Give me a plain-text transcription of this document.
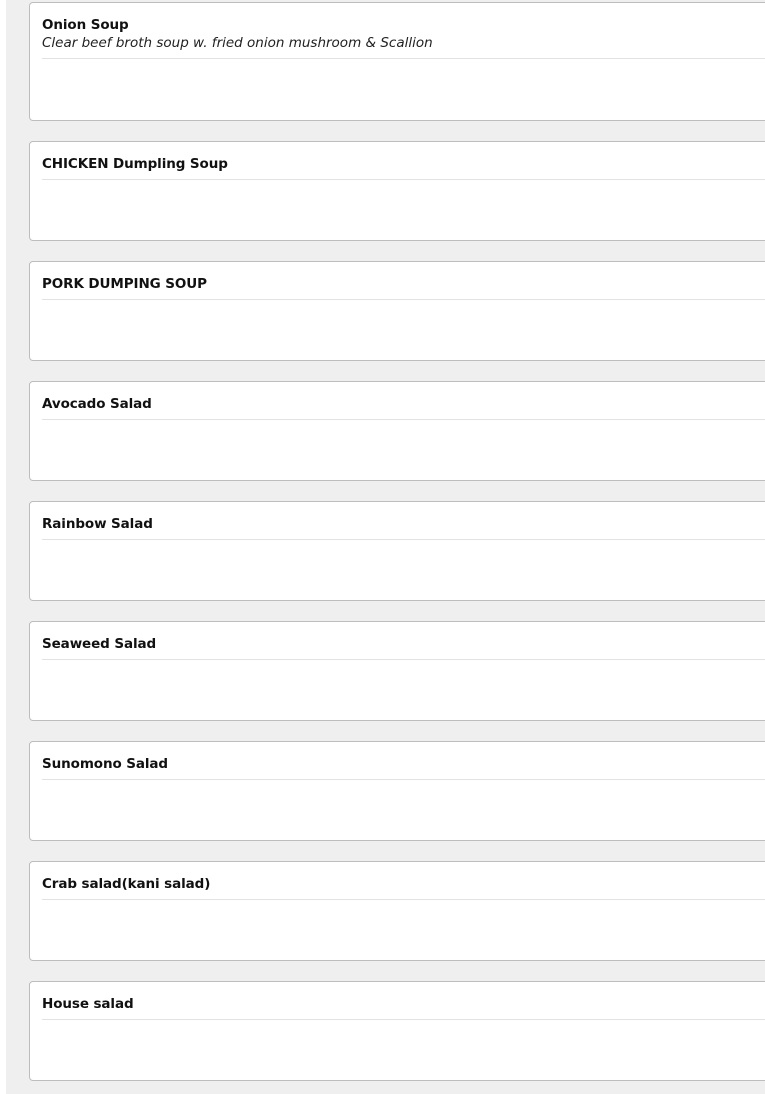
Onion Soup
Clear beef broth soup w. fried onion mushroom & Scallion
CHICKEN Dumpling Soup
PORK DUMPING SOUP
Avocado Salad
Rainbow Salad
Seaweed Salad
Sunomono Salad
Crab salad(kani salad)
House salad
